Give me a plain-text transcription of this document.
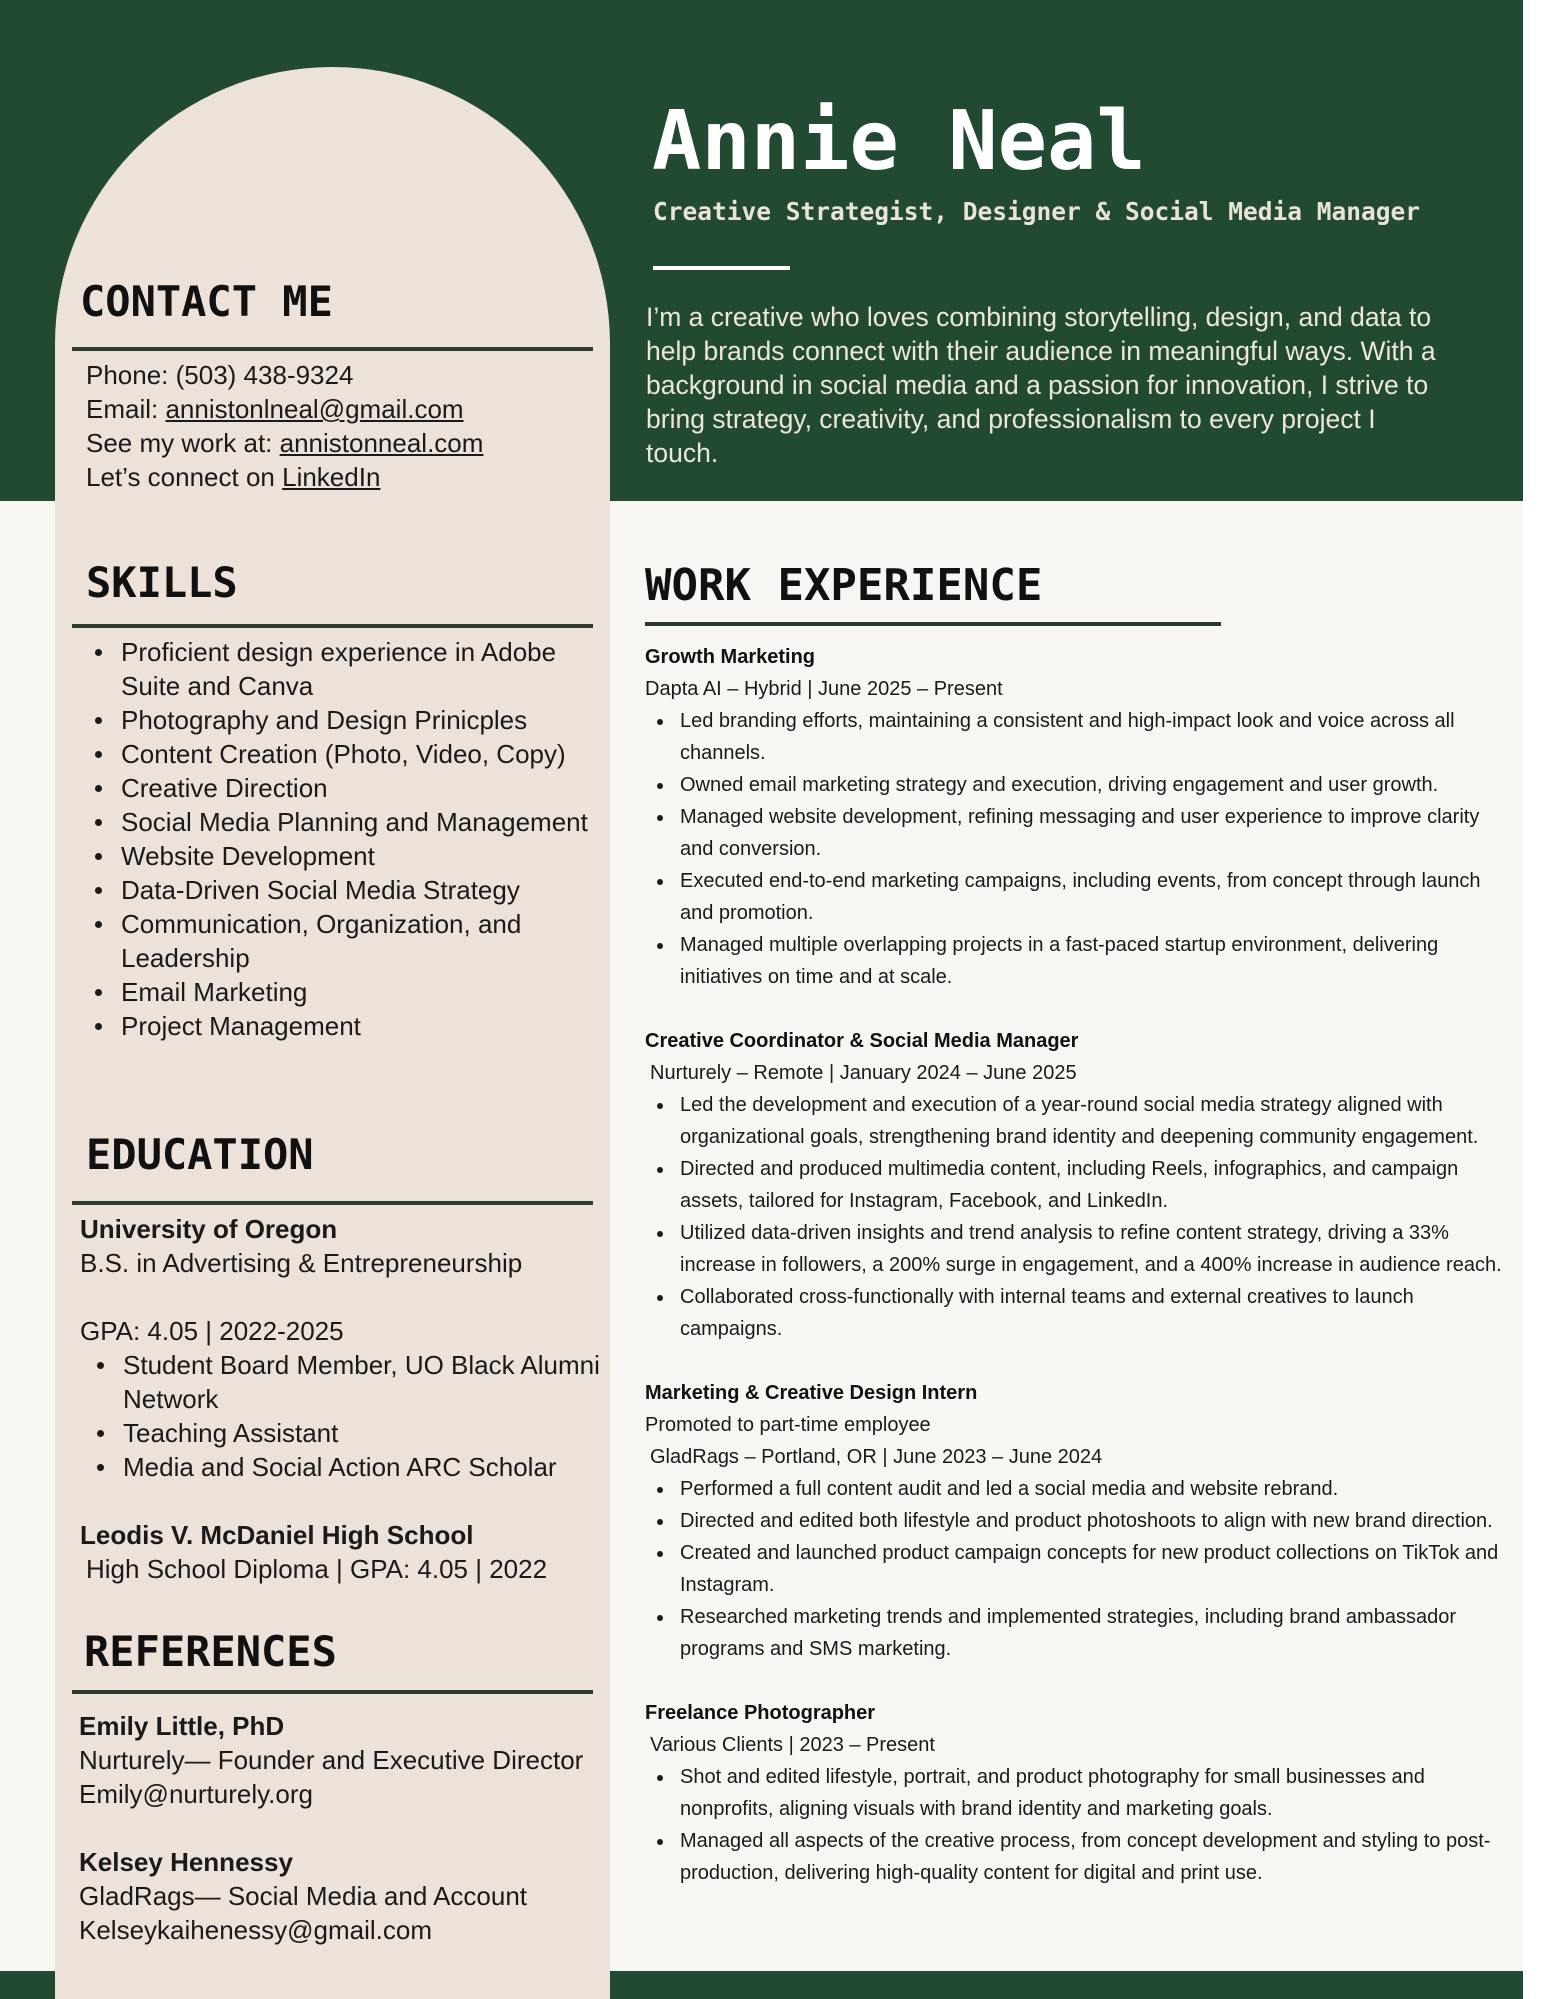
Annie Neal
Creative Strategist, Designer & Social Media Manager
I’m a creative who loves combining storytelling, design, and data to help brands connect with their audience in meaningful ways. With a background in social media and a passion for innovation, I strive to bring strategy, creativity, and professionalism to every project I touch.
CONTACT ME
Phone: (503) 438-9324
Email: annistonlneal@gmail.com
See my work at: annistonneal.com
Let’s connect on LinkedIn
SKILLS
Proficient design experience in Adobe Suite and Canva
Photography and Design Prinicples
Content Creation (Photo, Video, Copy)
Creative Direction
Social Media Planning and Management
Website Development
Data-Driven Social Media Strategy
Communication, Organization, and Leadership
Email Marketing
Project Management
EDUCATION
University of Oregon
B.S. in Advertising & Entrepreneurship
GPA: 4.05 | 2022-2025
Student Board Member, UO Black Alumni Network
Teaching Assistant
Media and Social Action ARC Scholar
Leodis V. McDaniel High School
High School Diploma | GPA: 4.05 | 2022
REFERENCES
Emily Little, PhD
Nurturely— Founder and Executive Director
Emily@nurturely.org
Kelsey Hennessy
GladRags— Social Media and Account
Kelseykaihenessy@gmail.com
WORK EXPERIENCE
Growth Marketing
Dapta AI – Hybrid | June 2025 – Present
Led branding efforts, maintaining a consistent and high-impact look and voice across all channels.
Owned email marketing strategy and execution, driving engagement and user growth.
Managed website development, refining messaging and user experience to improve clarity and conversion.
Executed end-to-end marketing campaigns, including events, from concept through launch and promotion.
Managed multiple overlapping projects in a fast-paced startup environment, delivering initiatives on time and at scale.
Creative Coordinator & Social Media Manager
Nurturely – Remote | January 2024 – June 2025
Led the development and execution of a year-round social media strategy aligned with organizational goals, strengthening brand identity and deepening community engagement.
Directed and produced multimedia content, including Reels, infographics, and campaign assets, tailored for Instagram, Facebook, and LinkedIn.
Utilized data-driven insights and trend analysis to refine content strategy, driving a 33% increase in followers, a 200% surge in engagement, and a 400% increase in audience reach.
Collaborated cross-functionally with internal teams and external creatives to launch campaigns.
Marketing & Creative Design Intern
Promoted to part-time employee
GladRags – Portland, OR | June 2023 – June 2024
Performed a full content audit and led a social media and website rebrand.
Directed and edited both lifestyle and product photoshoots to align with new brand direction.
Created and launched product campaign concepts for new product collections on TikTok and Instagram.
Researched marketing trends and implemented strategies, including brand ambassador programs and SMS marketing.
Freelance Photographer
Various Clients | 2023 – Present
Shot and edited lifestyle, portrait, and product photography for small businesses and nonprofits, aligning visuals with brand identity and marketing goals.
Managed all aspects of the creative process, from concept development and styling to post-production, delivering high-quality content for digital and print use.
